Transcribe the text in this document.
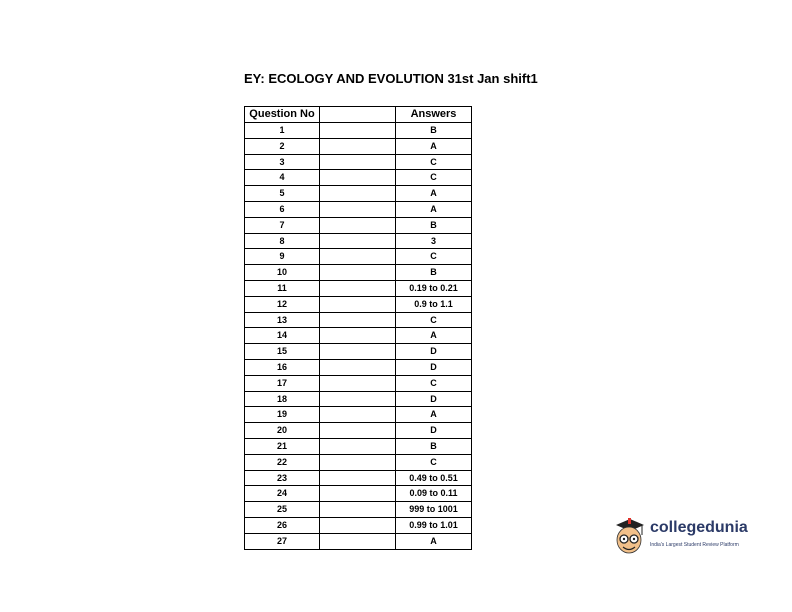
EY: ECOLOGY AND EVOLUTION 31st Jan shift1
Question No		Answers
1		B
2		A
3		C
4		C
5		A
6		A
7		B
8		3
9		C
10		B
11		0.19 to 0.21
12		0.9 to 1.1
13		C
14		A
15		D
16		D
17		C
18		D
19		A
20		D
21		B
22		C
23		0.49 to 0.51
24		0.09 to 0.11
25		999 to 1001
26		0.99 to 1.01
27		A
collegedunia
India's Largest Student Review Platform
